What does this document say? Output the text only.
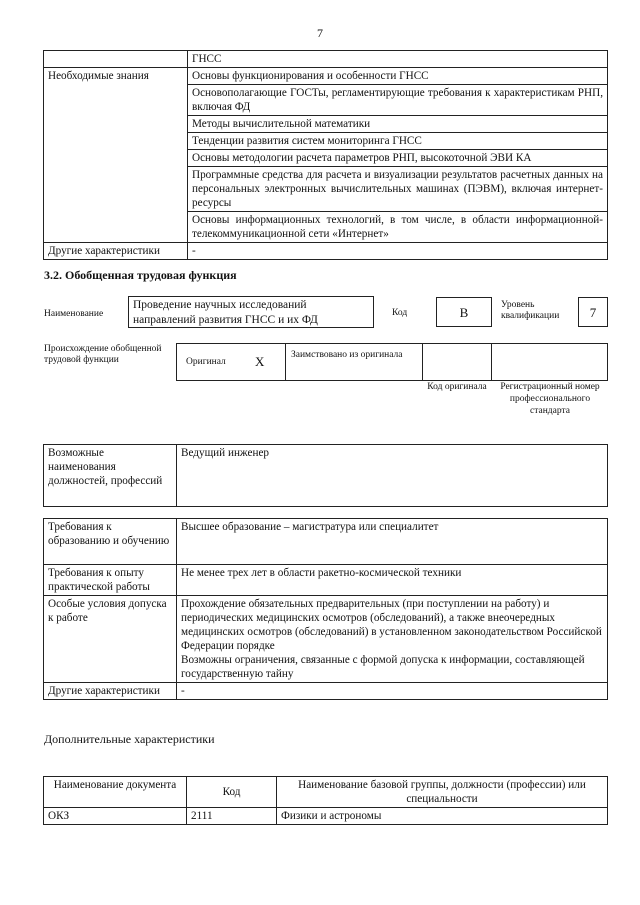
7
	ГНСС
Необходимые знания	Основы функционирования и особенности ГНСС
	Основополагающие ГОСТы, регламентирующие требования к характеристикам РНП, включая ФД
	Методы вычислительной математики
	Тенденции развития систем мониторинга ГНСС
	Основы методологии расчета параметров РНП, высокоточной ЭВИ КА
	Программные средства для расчета и визуализации результатов расчетных данных на персональных электронных вычислительных машинах (ПЭВМ), включая интернет-ресурсы
	Основы информационных технологий, в том числе, в области информационной-телекоммуникационной сети «Интернет»
Другие характеристики	-
3.2. Обобщенная трудовая функция
Наименование
Проведение научных исследований направлений развития ГНСС и их ФД
Код	В	Уровень квалификации	7
Происхождение обобщенной трудовой функции	Оригинал Х	Заимствовано из оригинала
Код оригинала	Регистрационный номер профессионального стандарта
Возможные наименования должностей, профессий	Ведущий инженер
Требования к образованию и обучению	Высшее образование – магистратура или специалитет
Требования к опыту практической работы	Не менее трех лет в области ракетно-космической техники
Особые условия допуска к работе	Прохождение обязательных предварительных (при поступлении на работу) и периодических медицинских осмотров (обследований), а также внеочередных медицинских осмотров (обследований) в установленном законодательством Российской Федерации порядке
Возможны ограничения, связанные с формой допуска к информации, составляющей государственную тайну

Другие характеристики	-
Дополнительные характеристики
Наименование документа	Код	Наименование базовой группы, должности (профессии) или специальности
ОКЗ	2111	Физики и астрономы
